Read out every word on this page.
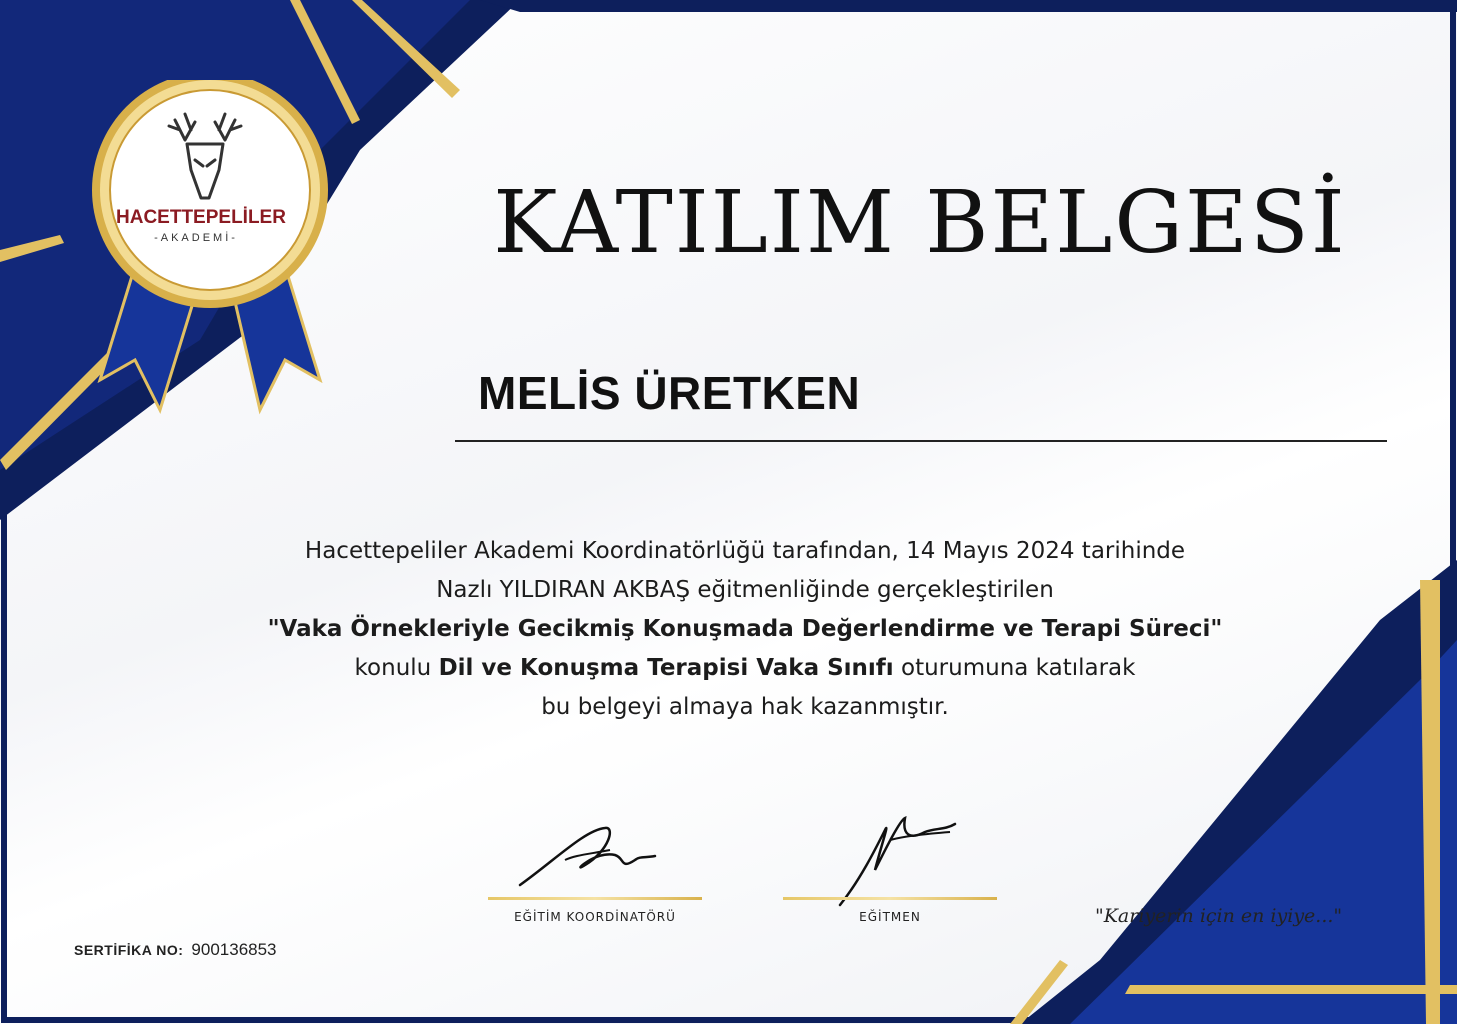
HACETTEPELİLER
-AKADEMİ-	KATILIM BELGESİ
MELİS ÜRETKEN
Hacettepeliler Akademi Koordinatörlüğü tarafından, 14 Mayıs 2024 tarihinde
Nazlı YILDIRAN AKBAŞ eğitmenliğinde gerçekleştirilen
"Vaka Örnekleriyle Gecikmiş Konuşmada Değerlendirme ve Terapi Süreci"
konulu Dil ve Konuşma Terapisi Vaka Sınıfı oturumuna katılarak
bu belgeyi almaya hak kazanmıştır.
EĞİTİM KOORDİNATÖRÜ	EĞİTMEN	"Kariyerin için en iyiye..."
SERTİFİKA NO: 900136853
